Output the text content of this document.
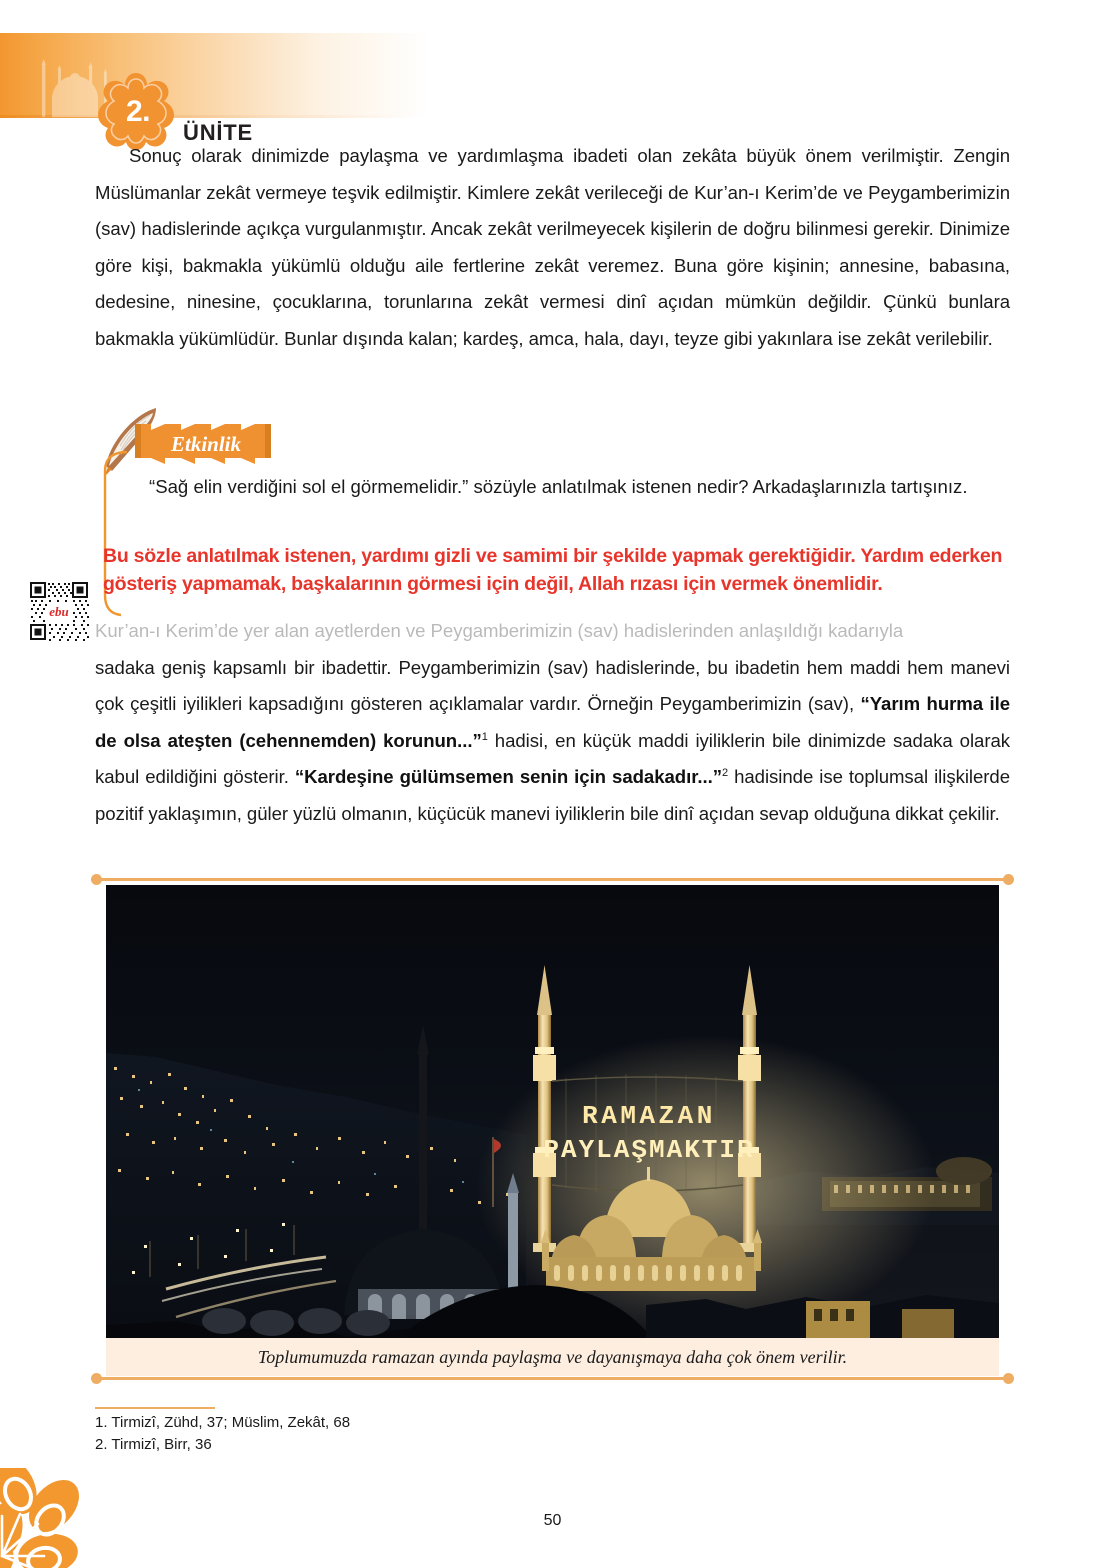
2.
ÜNİTE
Sonuç olarak dinimizde paylaşma ve yardımlaşma ibadeti olan zekâta büyük önem verilmiştir. Zengin Müslümanlar zekât vermeye teşvik edilmiştir. Kimlere zekât verileceği de Kur’an-ı Kerim’de ve Peygamberimizin (sav) hadislerinde açıkça vurgulanmıştır. Ancak zekât verilmeyecek kişilerin de doğru bilinmesi gerekir. Dinimize göre kişi, bakmakla yükümlü olduğu aile fertlerine zekât veremez. Buna göre kişinin; annesine, babasına, dedesine, ninesine, çocuklarına, torunlarına zekât vermesi dinî açıdan mümkün değildir. Çünkü bunlara bakmakla yükümlüdür. Bunlar dışında kalan; kardeş, amca, hala, dayı, teyze gibi yakınlara ise zekât verilebilir.
Etkinlik
“Sağ elin verdiğini sol el görmemelidir.” sözüyle anlatılmak istenen nedir? Arkadaşlarınızla tartışınız.
Bu sözle anlatılmak istenen, yardımı gizli ve samimi bir şekilde yapmak gerektiğidir. Yardım ederken gösteriş yapmamak, başkalarının görmesi için değil, Allah rızası için vermek önemlidir.
ebu
Kur’an-ı Kerim’de yer alan ayetlerden ve Peygamberimizin (sav) hadislerinden anlaşıldığı kadarıyla
sadaka geniş kapsamlı bir ibadettir. Peygamberimizin (sav) hadislerinde, bu ibadetin hem maddi hem manevi çok çeşitli iyilikleri kapsadığını gösteren açıklamalar vardır. Örneğin Peygamberimizin (sav), “Yarım hurma ile de olsa ateşten (cehennemden) korunun...”$^1$ hadisi, en küçük maddi iyiliklerin bile dinimizde sadaka olarak kabul edildiğini gösterir. “Kardeşine gülümsemen senin için sadakadır...”$^2$ hadisinde ise toplumsal ilişkilerde pozitif yaklaşımın, güler yüzlü olmanın, küçücük manevi iyiliklerin bile dinî açıdan sevap olduğuna dikkat çekilir.
RAMAZAN
PAYLAŞMAKTIR
Toplumumuzda ramazan ayında paylaşma ve dayanışmaya daha çok önem verilir.
1. Tirmizî, Zühd, 37; Müslim, Zekât, 68
2. Tirmizî, Birr, 36
50
